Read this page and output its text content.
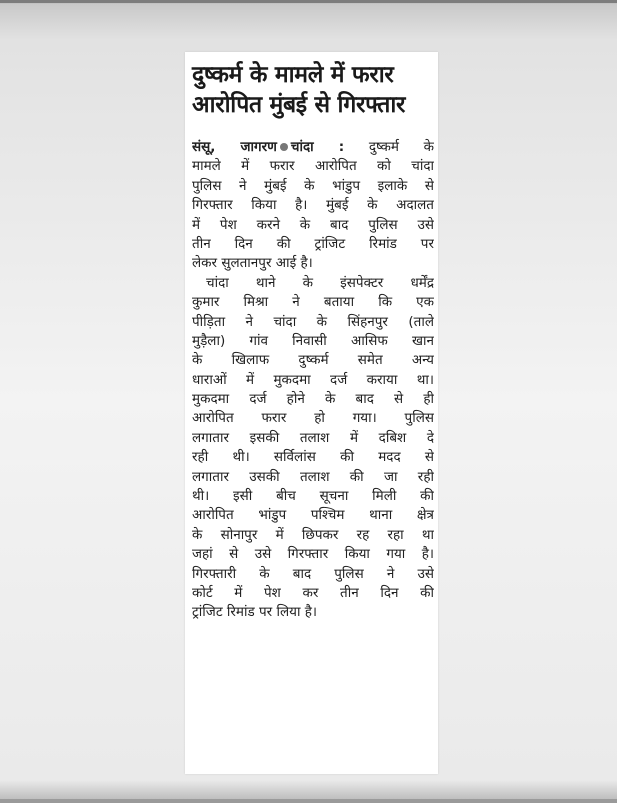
दुष्कर्म के मामले में फरार
आरोपित मुंबई से गिरफ्तार
संसू, जागरण चांदा : दुष्कर्म के
मामले में फरार आरोपित को चांदा
पुलिस ने मुंबई के भांडुप इलाके से
गिरफ्तार किया है। मुंबई के अदालत
में पेश करने के बाद पुलिस उसे
तीन दिन की ट्रांजिट रिमांड पर
लेकर सुलतानपुर आई है।
चांदा थाने के इंसपेक्टर धर्मेंद्र
कुमार मिश्रा ने बताया कि एक
पीड़िता ने चांदा के सिंहनपुर (ताले
मुड़ैला) गांव निवासी आसिफ खान
के खिलाफ दुष्कर्म समेत अन्य
धाराओं में मुकदमा दर्ज कराया था।
मुकदमा दर्ज होने के बाद से ही
आरोपित फरार हो गया। पुलिस
लगातार इसकी तलाश में दबिश दे
रही थी। सर्विलांस की मदद से
लगातार उसकी तलाश की जा रही
थी। इसी बीच सूचना मिली की
आरोपित भांडुप पश्चिम थाना क्षेत्र
के सोनापुर में छिपकर रह रहा था
जहां से उसे गिरफ्तार किया गया है।
गिरफ्तारी के बाद पुलिस ने उसे
कोर्ट में पेश कर तीन दिन की
ट्रांजिट रिमांड पर लिया है।
